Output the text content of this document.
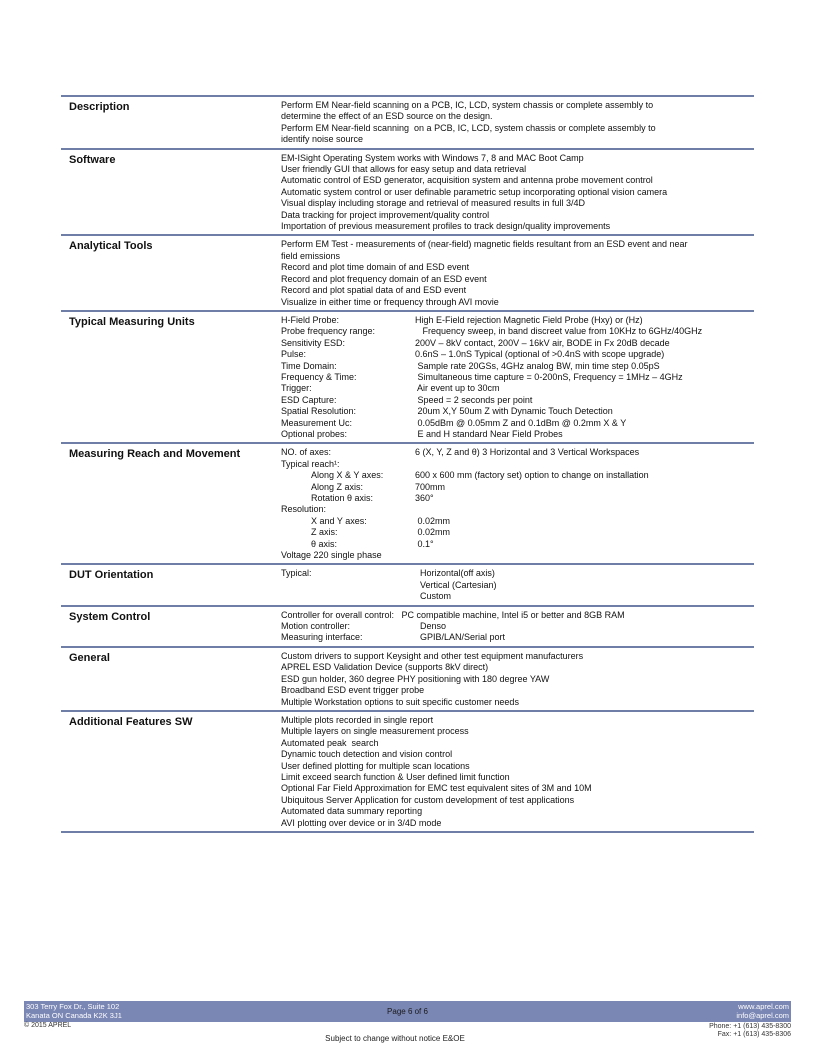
Description	Perform EM Near-field scanning on a PCB, IC, LCD, system chassis or complete assembly to
determine the effect of an ESD source on the design.
Perform EM Near-field scanning  on a PCB, IC, LCD, system chassis or complete assembly to
identify noise source
Software	EM-ISight Operating System works with Windows 7, 8 and MAC Boot Camp
User friendly GUI that allows for easy setup and data retrieval
Automatic control of ESD generator, acquisition system and antenna probe movement control
Automatic system control or user definable parametric setup incorporating optional vision camera
Visual display including storage and retrieval of measured results in full 3/4D
Data tracking for project improvement/quality control
Importation of previous measurement profiles to track design/quality improvements
Analytical Tools	Perform EM Test - measurements of (near-field) magnetic fields resultant from an ESD event and near
field emissions
Record and plot time domain of and ESD event
Record and plot frequency domain of an ESD event
Record and plot spatial data of and ESD event
Visualize in either time or frequency through AVI movie
Typical Measuring Units	H-Field Probe:	High E-Field rejection Magnetic Field Probe (Hxy) or (Hz)
Probe frequency range:	Frequency sweep, in band discreet value from 10KHz to 6GHz/40GHz
Sensitivity ESD:	200V – 8kV contact, 200V – 16kV air, BODE in Fx 20dB decade
Pulse:	0.6nS – 1.0nS Typical (optional of >0.4nS with scope upgrade)
Time Domain:	Sample rate 20GSs, 4GHz analog BW, min time step 0.05pS
Frequency & Time:	Simultaneous time capture = 0-200nS, Frequency = 1MHz – 4GHz
Trigger:	Air event up to 30cm
ESD Capture:	Speed = 2 seconds per point
Spatial Resolution:	20um X,Y 50um Z with Dynamic Touch Detection
Measurement Uc:	0.05dBm @ 0.05mm Z and 0.1dBm @ 0.2mm X & Y
Optional probes:	E and H standard Near Field Probes
Measuring Reach and Movement	NO. of axes:	6 (X, Y, Z and θ) 3 Horizontal and 3 Vertical Workspaces
Typical reach¹:
Along X & Y axes:	600 x 600 mm (factory set) option to change on installation
Along Z axis:	700mm
Rotation θ axis:	360°
Resolution:
X and Y axes:	0.02mm
Z axis:	0.02mm
θ axis:	0.1°
Voltage 220 single phase
DUT Orientation	Typical:	Horizontal(off axis)
Vertical (Cartesian)
Custom
System Control	Controller for overall control:   PC compatible machine, Intel i5 or better and 8GB RAM
Motion controller:	Denso
Measuring interface:	GPIB/LAN/Serial port
General	Custom drivers to support Keysight and other test equipment manufacturers
APREL ESD Validation Device (supports 8kV direct)
ESD gun holder, 360 degree PHY positioning with 180 degree YAW
Broadband ESD event trigger probe
Multiple Workstation options to suit specific customer needs
Additional Features SW	Multiple plots recorded in single report
Multiple layers on single measurement process
Automated peak  search
Dynamic touch detection and vision control
User defined plotting for multiple scan locations
Limit exceed search function & User defined limit function
Optional Far Field Approximation for EMC test equivalent sites of 3M and 10M
Ubiquitous Server Application for custom development of test applications
Automated data summary reporting
AVI plotting over device or in 3/4D mode
303 Terry Fox Dr., Suite 102
Kanata ON Canada K2K 3J1	Page 6 of 6
www.aprel.com
info@aprel.com
© 2015 APREL	Phone: +1 (613) 435-8300
Fax: +1 (613) 435-8306
Subject to change without notice E&OE
